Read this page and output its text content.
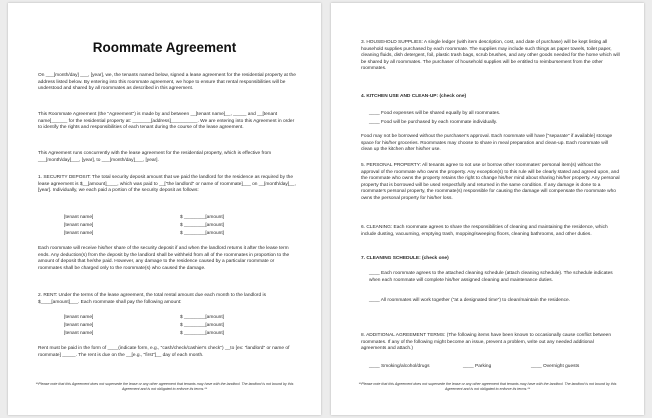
Roommate Agreement
On ___[month/day] ___, [year], we, the tenants named below, signed a lease agreement for the residential property at the address listed below. By entering into this roommate agreement, we hope to ensure that rental responsibilities will be understood and shared by all roommates as described in this agreement.
This Roommate Agreement (the "Agreement") is made by and between __[tenant name]__, _____ and __[tenant name]______ for the residential property at: _______[address]__________. We are entering into this Agreement in order to identify the rights and responsibilities of each tenant during the course of the lease agreement.
This Agreement runs concurrently with the lease agreement for the residential property, which is effective from ___[month/day]___, [year], to ___[month/day]___, [year].
1. SECURITY DEPOSIT: The total security deposit amount that we paid the landlord for the residence as required by the lease agreement is $__[amount]____, which was paid to __["the landlord" or name of roommate]___ on __[month/day]__, [year]. Individually, we each paid a portion of the security deposit as follows:
[tenant name]	$ ________[amount]
[tenant name]	$ ________[amount]
[tenant name]	$ ________[amount]
Each roommate will receive his/her share of the security deposit if and when the landlord returns it after the lease term ends. Any deduction(s) from the deposit by the landlord shall be withheld from all of the roommates in proportion to the amount of deposit that he/she paid. However, any damage to the residence caused by a particular roommate or roommates shall be charged only to the roommate(s) who caused the damage.
2. RENT: Under the terms of the lease agreement, the total rental amount due each month to the landlord is $____[amount]___. Each roommate shall pay the following amount:
[tenant name]	$ ________[amount]
[tenant name]	$ ________[amount]
[tenant name]	$ ________[amount]
Rent must be paid in the form of ____(indicate form, e.g., "cash/check/cashier's check") __to [ex: "landlord" or name of roommate] _____. The rent is due on the __[e.g., "first"]__ day of each month.
**Please note that this Agreement does not supersede the lease or any other agreement that tenants may have with the landlord. The landlord is not bound by this Agreement and is not obligated to enforce its terms.**
3. HOUSEHOLD SUPPLIES: A single ledger (with item description, cost, and date of purchase) will be kept listing all household supplies purchased by each roommate. The supplies may include such things as paper towels, toilet paper, cleaning fluids, dish detergent, foil, plastic trash bags, scrub brushes, and any other goods needed for the home which will be shared by all roommates. The purchaser of household supplies will be entitled to reimbursement from the other roommates.
4. KITCHEN USE AND CLEAN-UP: (check one)
____ Food expenses will be shared equally by all roommates.
____ Food will be purchased by each roommate individually.
Food may not be borrowed without the purchaser's approval. Each roommate will have ["separate" if available] storage space for his/her groceries. Roommates may choose to share in meal preparation and clean-up. Each roommate will clean up the kitchen after his/her use.
5. PERSONAL PROPERTY: All tenants agree to not use or borrow other roommates' personal item(s) without the approval of the roommate who owns the property. Any exception(s) to this rule will be clearly stated and agreed upon, and the roommate who owns the property retains the right to change his/her mind about sharing his/her property. Any personal property that is borrowed will be used respectfully and returned in the same condition. If any damage is done to a roommate's personal property, the roommate(s) responsible for causing the damage will compensate the roommate who owns the personal property for his/her loss.
6. CLEANING: Each roommate agrees to share the responsibilities of cleaning and maintaining the residence, which include dusting, vacuuming, emptying trash, mopping/sweeping floors, cleaning bathrooms, and other duties.
7. CLEANING SCHEDULE: (check one)
____ Each roommate agrees to the attached cleaning schedule (attach cleaning schedule). The schedule indicates when each roommate will complete his/her assigned cleaning and maintenance duties.
____ All roommates will work together ("at a designated time") to clean/maintain the residence.
8. ADDITIONAL AGREEMENT TERMS: (The following items have been known to occasionally cause conflict between roommates. If any of the following might become an issue, prevent a problem, write out any needed additional agreements and attach.)
____ Smoking/alcohol/drugs	____ Parking	____ Overnight guests
**Please note that this Agreement does not supersede the lease or any other agreement that tenants may have with the landlord. The landlord is not bound by this Agreement and is not obligated to enforce its terms.**
